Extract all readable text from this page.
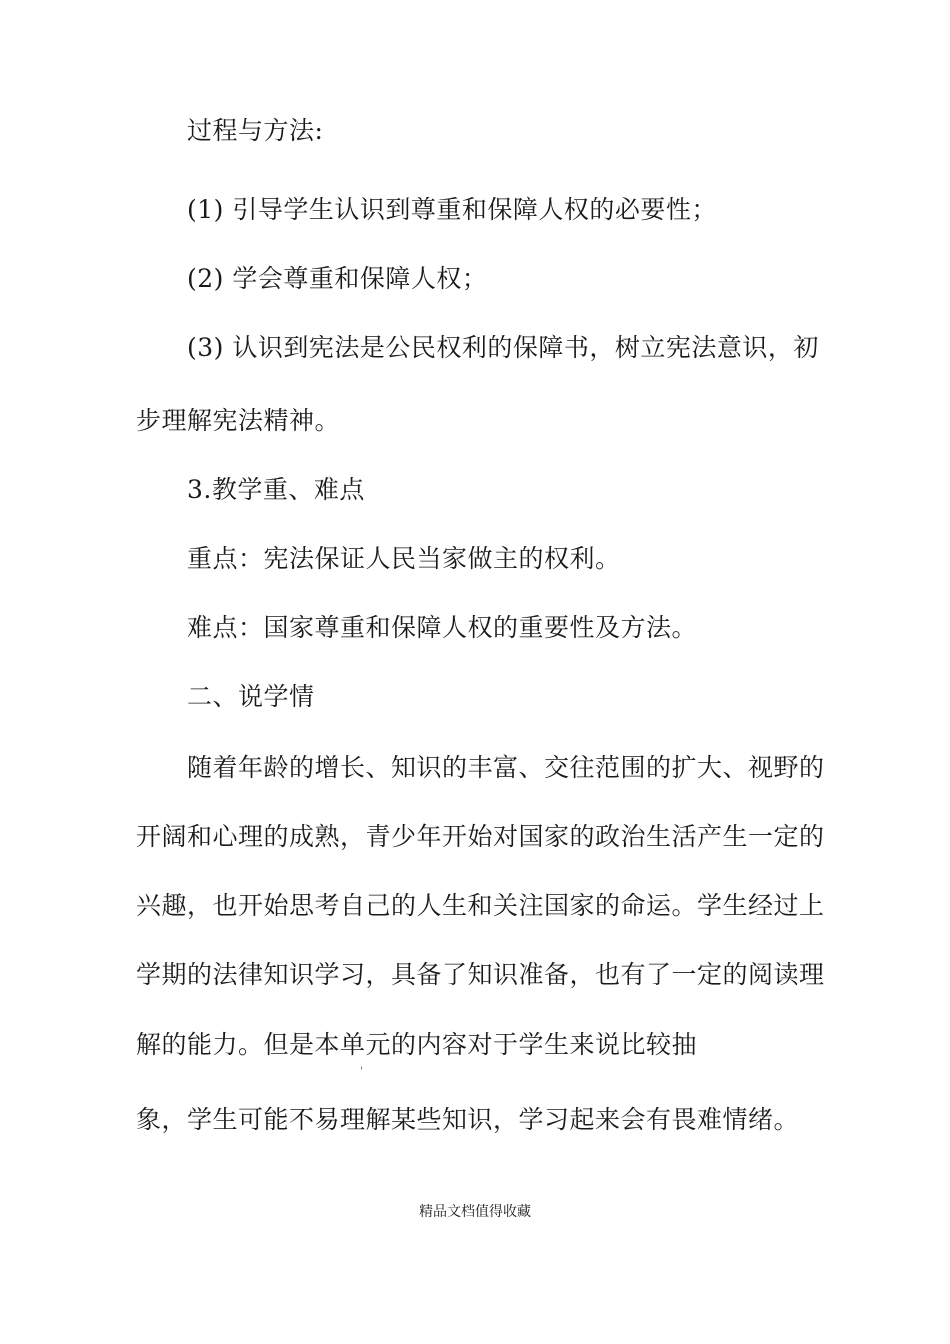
过程与方法:
(1) 引导学生认识到尊重和保障人权的必要性；
(2) 学会尊重和保障人权；
(3) 认识到宪法是公民权利的保障书，树立宪法意识，初
步理解宪法精神。
3.教学重、难点
重点：宪法保证人民当家做主的权利。
难点：国家尊重和保障人权的重要性及方法。
二、说学情
随着年龄的增长、知识的丰富、交往范围的扩大、视野的
开阔和心理的成熟，青少年开始对国家的政治生活产生一定的
兴趣，也开始思考自己的人生和关注国家的命运。学生经过上
学期的法律知识学习，具备了知识准备，也有了一定的阅读理
解的能力。但是本单元的内容对于学生来说比较抽
'
象，学生可能不易理解某些知识，学习起来会有畏难情绪。
精品文档值得收藏
